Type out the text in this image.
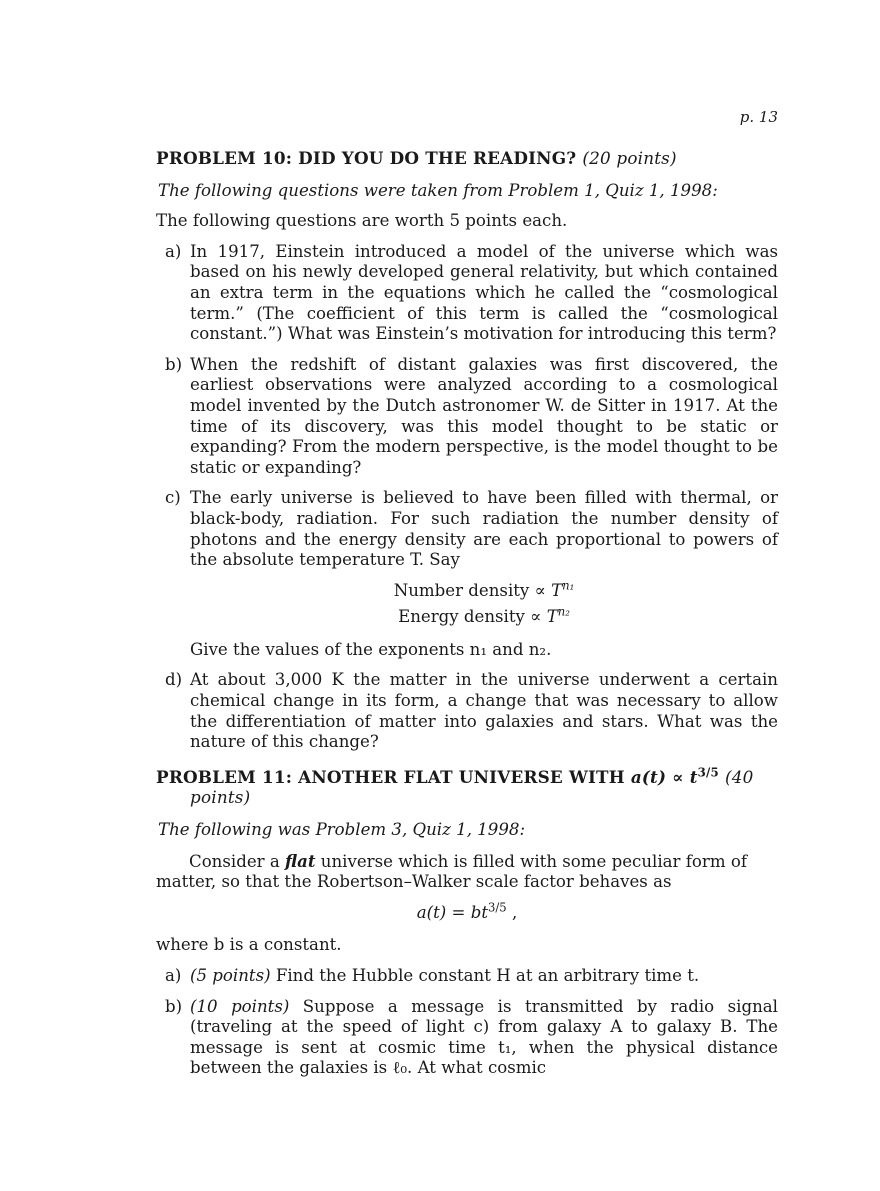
p. 13
PROBLEM 10: DID YOU DO THE READING? (20 points)
The following questions were taken from Problem 1, Quiz 1, 1998:
The following questions are worth 5 points each.
a) In 1917, Einstein introduced a model of the universe which was based on his newly developed general relativity, but which contained an extra term in the equations which he called the “cosmological term.” (The coefficient of this term is called the “cosmological constant.”) What was Einstein’s motivation for introducing this term?
b) When the redshift of distant galaxies was first discovered, the earliest observations were analyzed according to a cosmological model invented by the Dutch astronomer W. de Sitter in 1917. At the time of its discovery, was this model thought to be static or expanding? From the modern perspective, is the model thought to be static or expanding?
c) The early universe is believed to have been filled with thermal, or black-body, radiation. For such radiation the number density of photons and the energy density are each proportional to powers of the absolute temperature T. Say
Number density ∝ $T^{n_1}$
Energy density ∝ $T^{n_2}$
Give the values of the exponents n₁ and n₂.
d) At about 3,000 K the matter in the universe underwent a certain chemical change in its form, a change that was necessary to allow the differentiation of matter into galaxies and stars. What was the nature of this change?
PROBLEM 11: ANOTHER FLAT UNIVERSE WITH $a(t) \propto t^{3/5}$ (40 points)
The following was Problem 3, Quiz 1, 1998:
Consider a flat universe which is filled with some peculiar form of matter, so that the Robertson–Walker scale factor behaves as
$a(t) = bt^{3/5}$ ,
where b is a constant.
a) (5 points) Find the Hubble constant H at an arbitrary time t.
b) (10 points) Suppose a message is transmitted by radio signal (traveling at the speed of light c) from galaxy A to galaxy B. The message is sent at cosmic time t₁, when the physical distance between the galaxies is ℓ₀. At what cosmic
